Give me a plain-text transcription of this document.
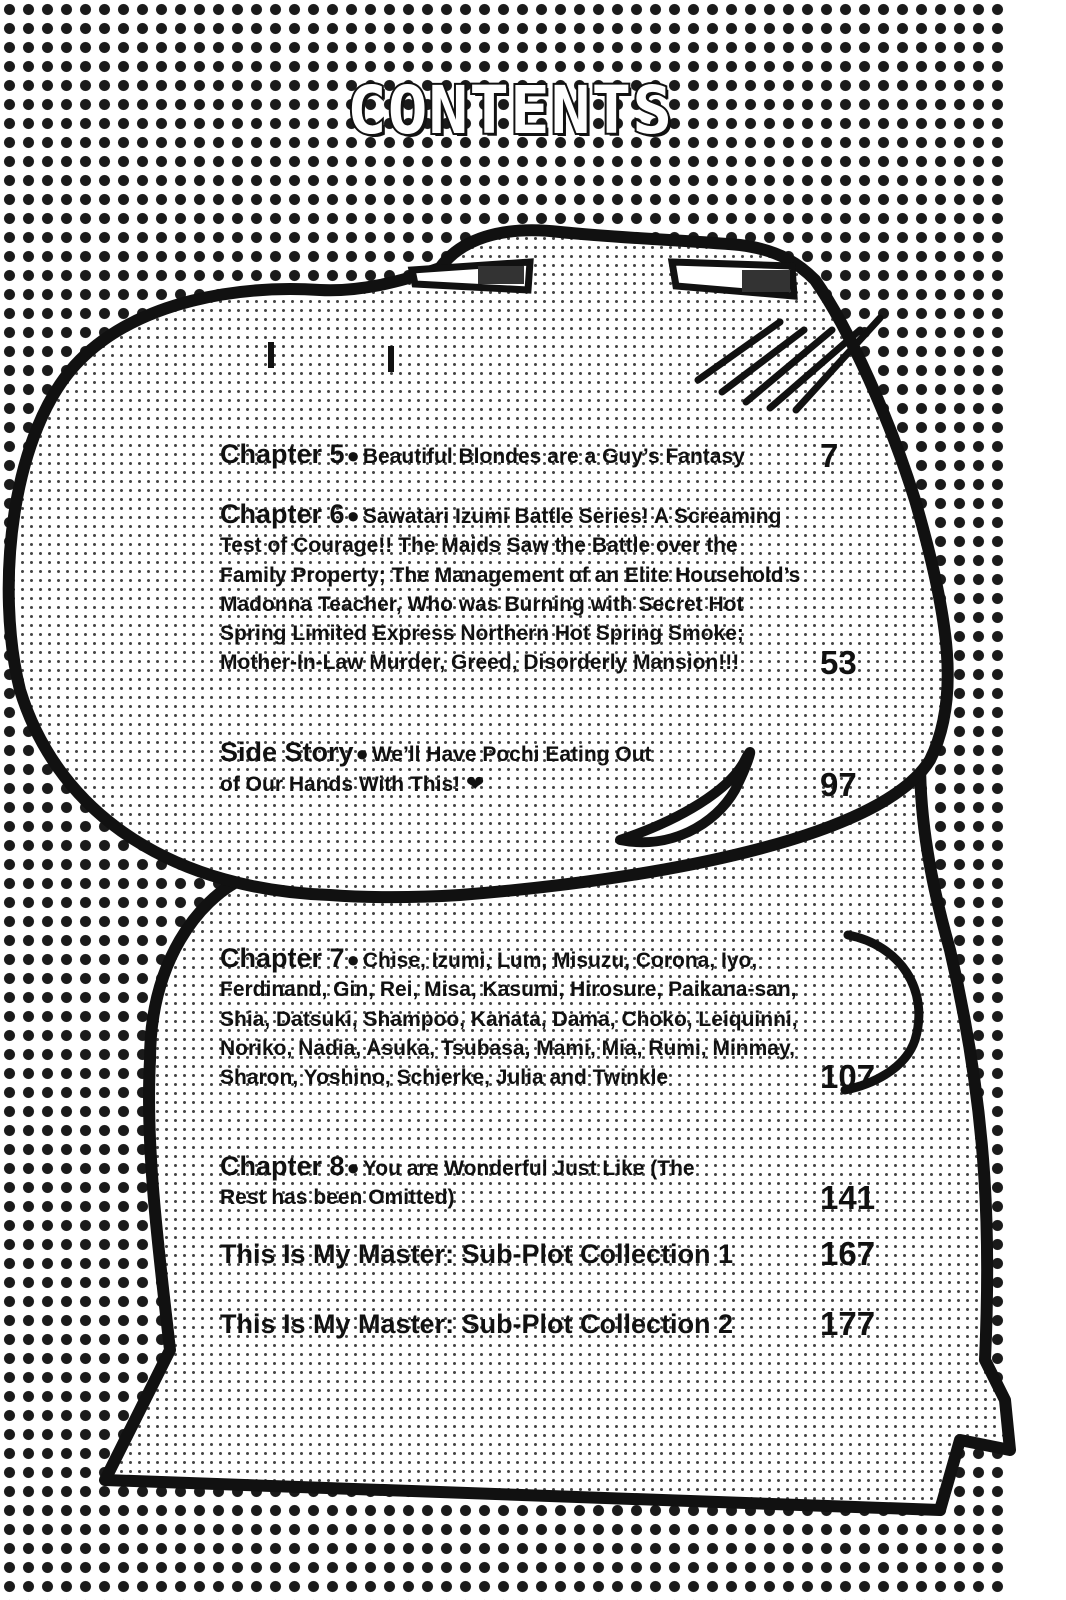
CONTENTS
Chapter 5● Beautiful Blondes are a Guy’s Fantasy	7
Chapter 6● Sawatari Izumi Battle Series! A Screaming Test of Courage!! The Maids Saw the Battle over the Family Property; The Management of an Elite Household’s Madonna Teacher, Who was Burning with Secret Hot Spring Limited Express Northern Hot Spring Smoke; Mother-In-Law Murder, Greed, Disorderly Mansion!!!	53
Side Story● We’ll Have Pochi Eating Out of Our Hands With This! ❤	97
Chapter 7● Chise, Izumi, Lum, Misuzu, Corona, Iyo, Ferdinand, Gin, Rei, Misa, Kasumi, Hirosure, Paikana-san, Shia, Datsuki, Shampoo, Kanata, Dama, Choko, Leiquinni, Noriko, Nadia, Asuka, Tsubasa, Mami, Mia, Rumi, Minmay, Sharon, Yoshino, Schierke, Julia and Twinkle	107
Chapter 8● You are Wonderful Just Like (The Rest has been Omitted)	141
This Is My Master: Sub-Plot Collection 1	167
This Is My Master: Sub-Plot Collection 2	177
